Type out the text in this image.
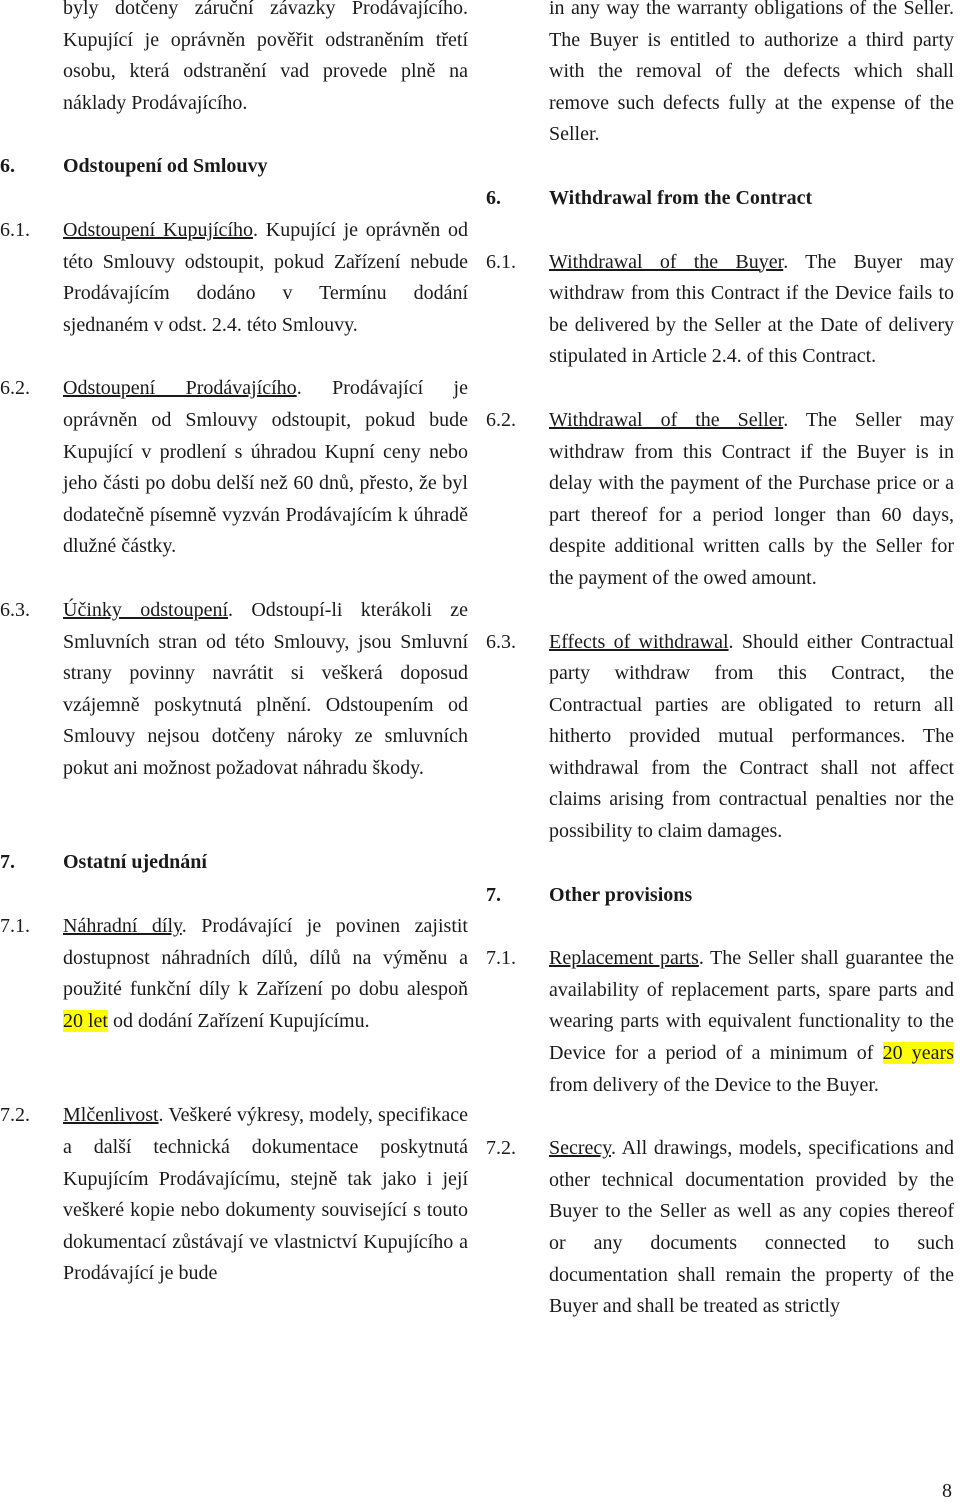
byly dotčeny záruční závazky Prodávajícího. Kupující je oprávněn pověřit odstraněním třetí osobu, která odstranění vad provede plně na náklady Prodávajícího.
6.	Odstoupení od Smlouvy
6.1.	Odstoupení Kupujícího. Kupující je oprávněn od této Smlouvy odstoupit, pokud Zařízení nebude Prodávajícím dodáno v Termínu dodání sjednaném v odst. 2.4. této Smlouvy.
6.2.	Odstoupení Prodávajícího. Prodávající je oprávněn od Smlouvy odstoupit, pokud bude Kupující v prodlení s úhradou Kupní ceny nebo jeho části po dobu delší než 60 dnů, přesto, že byl dodatečně písemně vyzván Prodávajícím k úhradě dlužné částky.
6.3.	Účinky odstoupení. Odstoupí-li kterákoli ze Smluvních stran od této Smlouvy, jsou Smluvní strany povinny navrátit si veškerá doposud vzájemně poskytnutá plnění. Odstoupením od Smlouvy nejsou dotčeny nároky ze smluvních pokut ani možnost požadovat náhradu škody.
7.	Ostatní ujednání
7.1.	Náhradní díly. Prodávající je povinen zajistit dostupnost náhradních dílů, dílů na výměnu a použité funkční díly k Zařízení po dobu alespoň 20 let od dodání Zařízení Kupujícímu.
7.2.	Mlčenlivost. Veškeré výkresy, modely, specifikace a další technická dokumentace poskytnutá Kupujícím Prodávajícímu, stejně tak jako i její veškeré kopie nebo dokumenty související s touto dokumentací zůstávají ve vlastnictví Kupujícího a Prodávající je bude
in any way the warranty obligations of the Seller. The Buyer is entitled to authorize a third party with the removal of the defects which shall remove such defects fully at the expense of the Seller.
6.	Withdrawal from the Contract
6.1.	Withdrawal of the Buyer. The Buyer may withdraw from this Contract if the Device fails to be delivered by the Seller at the Date of delivery stipulated in Article 2.4. of this Contract.
6.2.	Withdrawal of the Seller. The Seller may withdraw from this Contract if the Buyer is in delay with the payment of the Purchase price or a part thereof for a period longer than 60 days, despite additional written calls by the Seller for the payment of the owed amount.
6.3.	Effects of withdrawal. Should either Contractual party withdraw from this Contract, the Contractual parties are obligated to return all hitherto provided mutual performances. The withdrawal from the Contract shall not affect claims arising from contractual penalties nor the possibility to claim damages.
7.	Other provisions
7.1.	Replacement parts. The Seller shall guarantee the availability of replacement parts, spare parts and wearing parts with equivalent functionality to the Device for a period of a minimum of 20 years from delivery of the Device to the Buyer.
7.2.	Secrecy. All drawings, models, specifications and other technical documentation provided by the Buyer to the Seller as well as any copies thereof or any documents connected to such documentation shall remain the property of the Buyer and shall be treated as strictly
8
